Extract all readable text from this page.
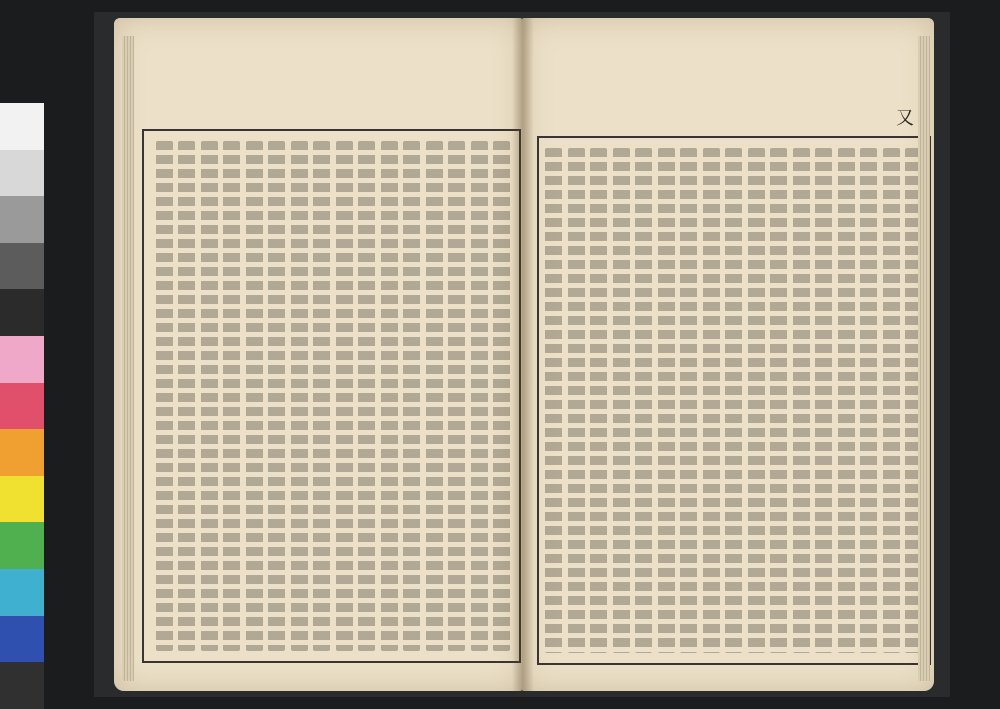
又
